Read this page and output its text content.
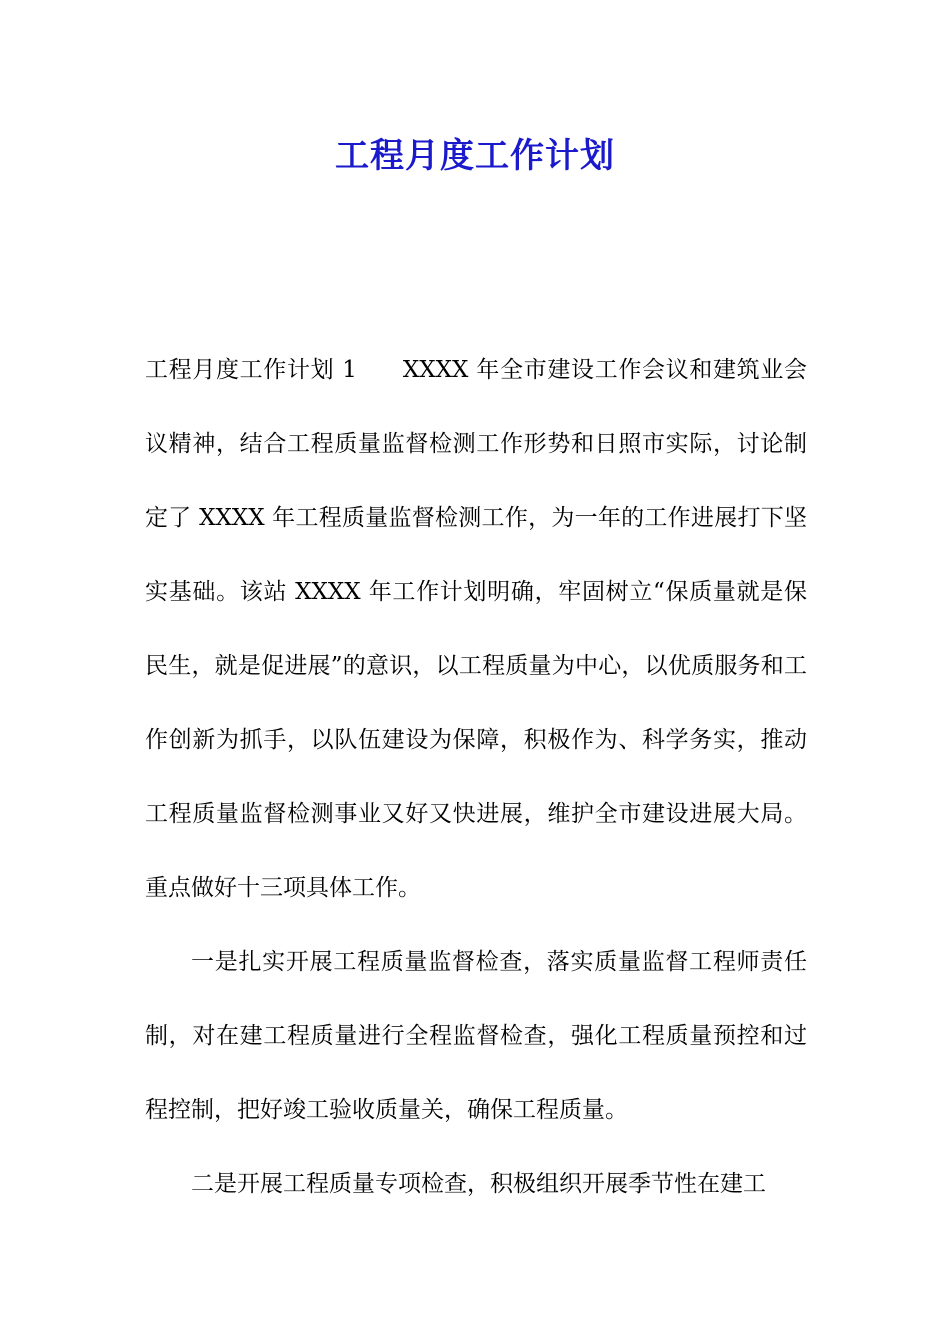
工程月度工作计划

工程月度工作计划 1 XXXX 年全市建设工作会议和建筑业会议精神，结合工程质量监督检测工作形势和日照市实际，讨论制定了 XXXX 年工程质量监督检测工作，为一年的工作进展打下坚实基础。该站 XXXX 年工作计划明确，牢固树立“保质量就是保民生，就是促进展”的意识，以工程质量为中心，以优质服务和工作创新为抓手，以队伍建设为保障，积极作为、科学务实，推动工程质量监督检测事业又好又快进展，维护全市建设进展大局。重点做好十三项具体工作。

一是扎实开展工程质量监督检查，落实质量监督工程师责任制，对在建工程质量进行全程监督检查，强化工程质量预控和过程控制，把好竣工验收质量关，确保工程质量。

二是开展工程质量专项检查，积极组织开展季节性在建工
